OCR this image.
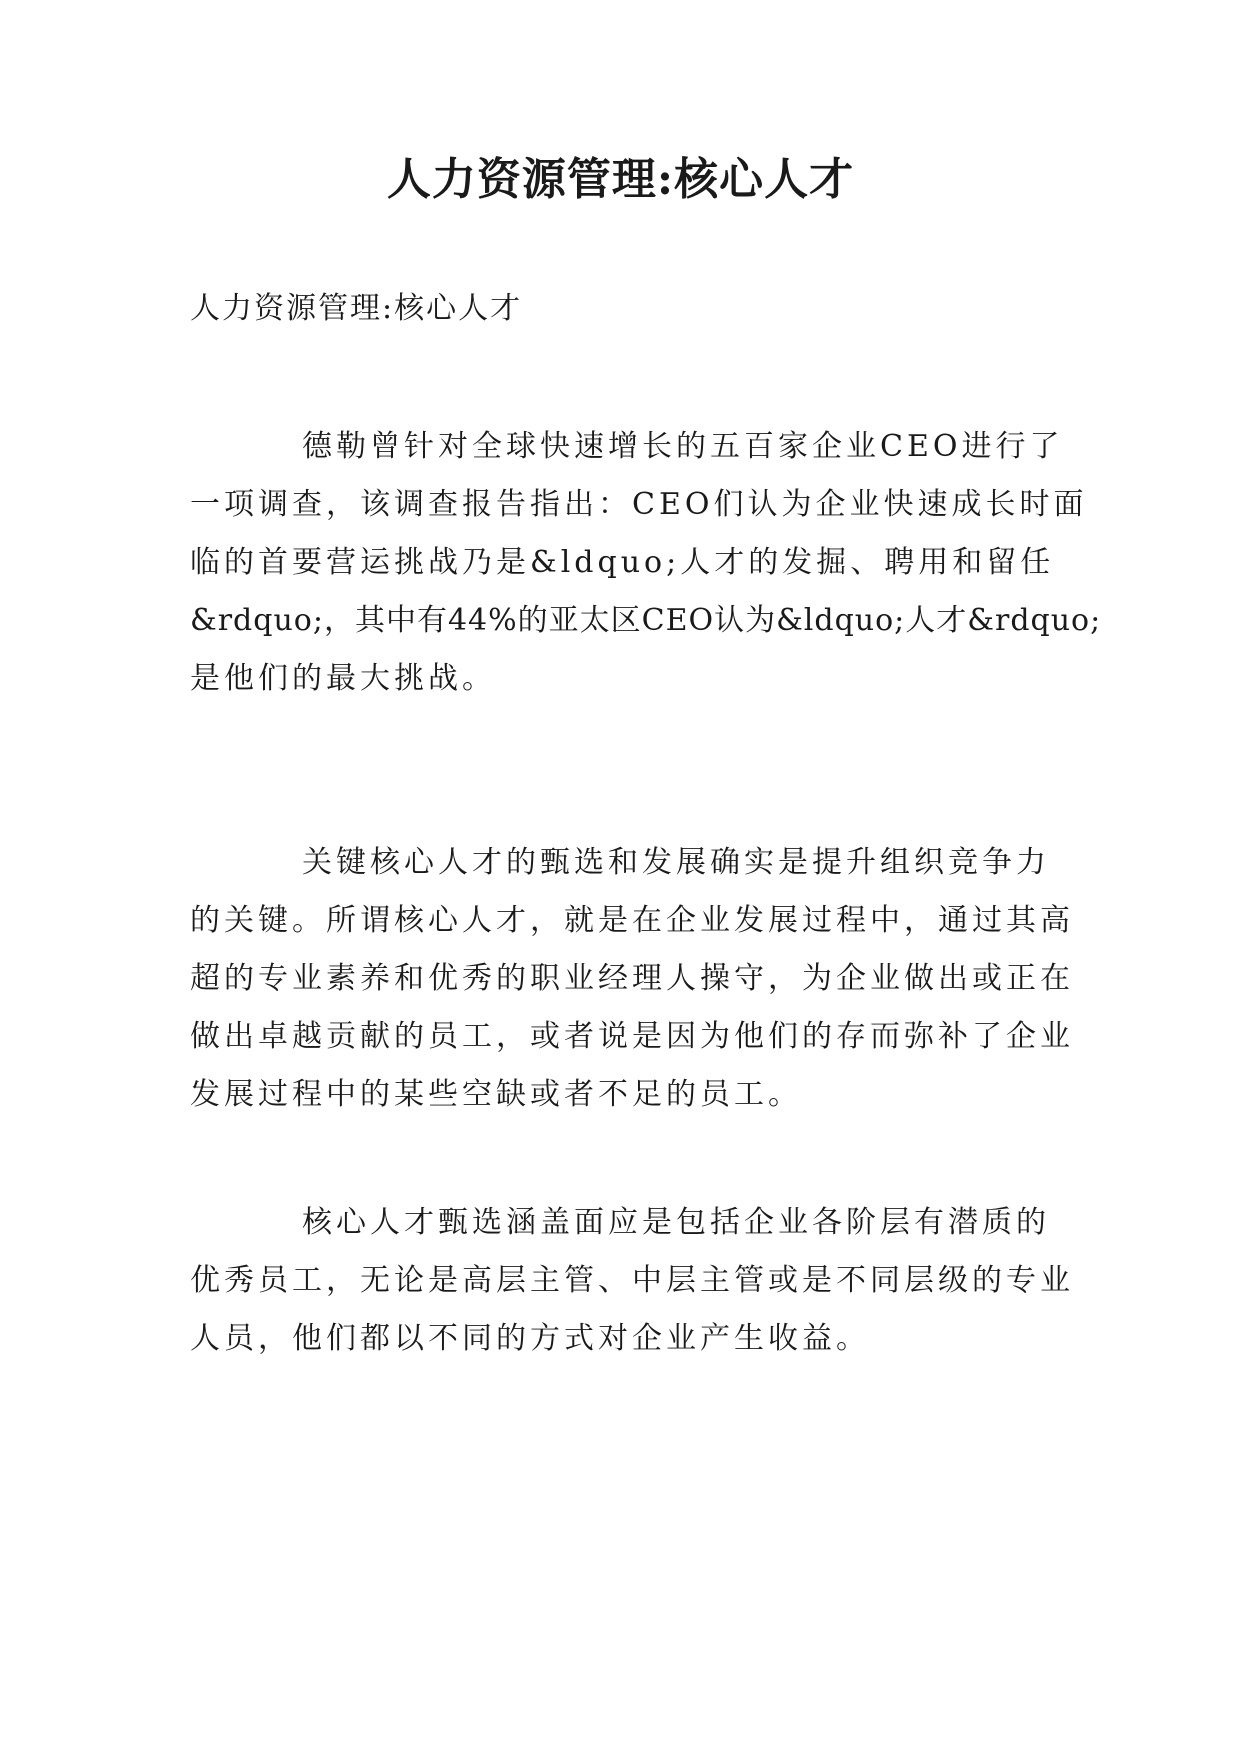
人力资源管理:核心人才
人力资源管理:核心人才
德勒曾针对全球快速增长的五百家企业CEO进行了
一项调查，该调查报告指出：CEO们认为企业快速成长时面
临的首要营运挑战乃是&ldquo;人才的发掘、聘用和留任
&rdquo;，其中有44%的亚太区CEO认为&ldquo;人才&rdquo;
是他们的最大挑战。
关键核心人才的甄选和发展确实是提升组织竞争力
的关键。所谓核心人才，就是在企业发展过程中，通过其高
超的专业素养和优秀的职业经理人操守，为企业做出或正在
做出卓越贡献的员工，或者说是因为他们的存而弥补了企业
发展过程中的某些空缺或者不足的员工。
核心人才甄选涵盖面应是包括企业各阶层有潜质的
优秀员工，无论是高层主管、中层主管或是不同层级的专业
人员，他们都以不同的方式对企业产生收益。
